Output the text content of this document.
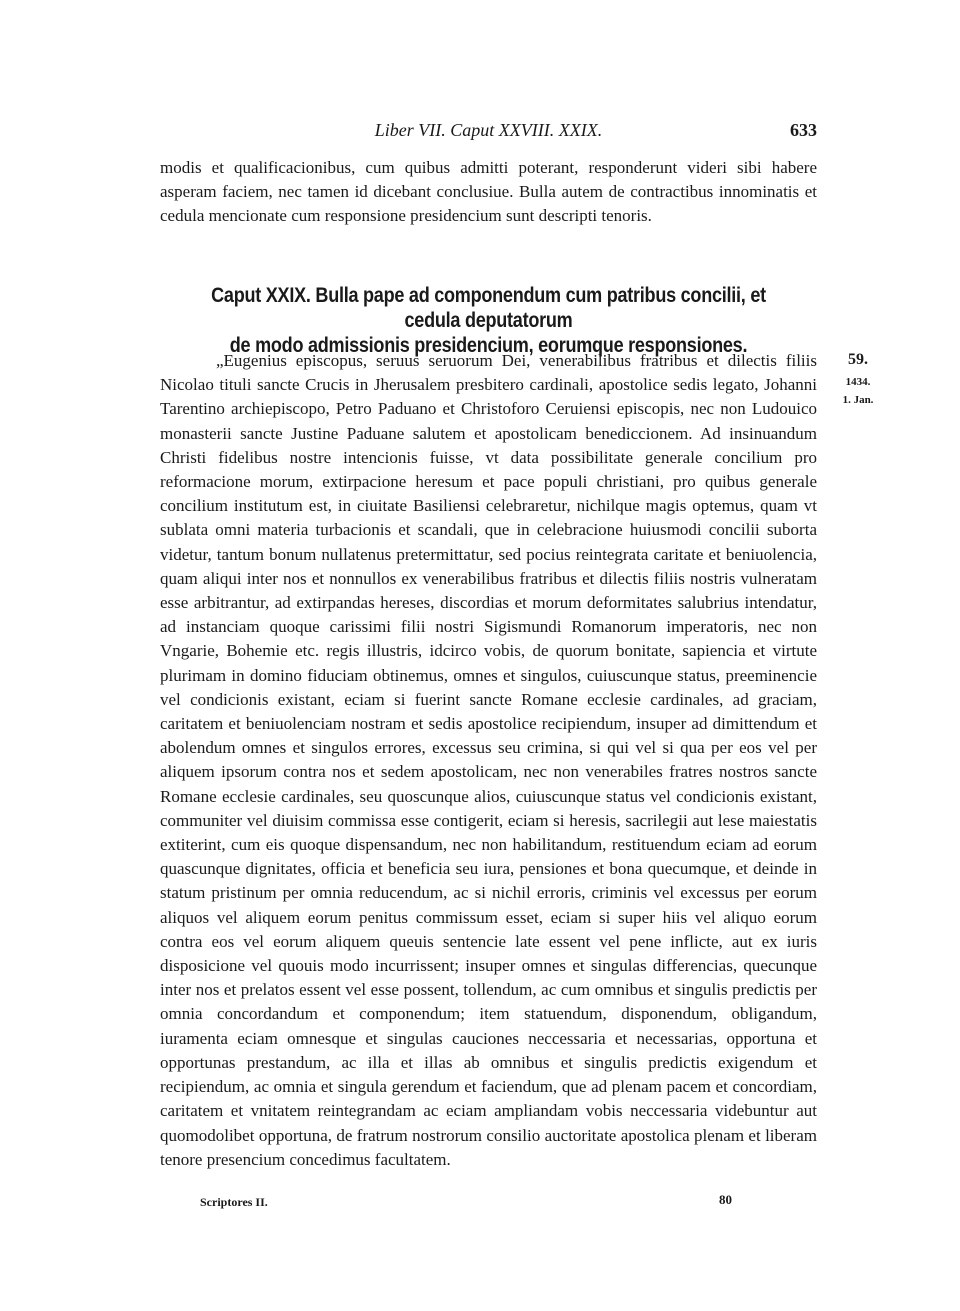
Liber VII. Caput XXVIII. XXIX.	633
modis et qualificacionibus, cum quibus admitti poterant, responderunt videri sibi habere asperam faciem, nec tamen id dicebant conclusiue. Bulla autem de contractibus innominatis et cedula mencionate cum responsione presidencium sunt descripti tenoris.
Caput XXIX. Bulla pape ad componendum cum patribus concilii, et cedula deputatorum
de modo admissionis presidencium, eorumque responsiones.
„Eugenius episcopus, seruus seruorum Dei, venerabilibus fratribus et dilectis filiis Nicolao tituli sancte Crucis in Jherusalem presbitero cardinali, apostolice sedis legato, Johanni Tarentino archiepiscopo, Petro Paduano et Christoforo Ceruiensi episcopis, nec non Ludouico monasterii sancte Justine Paduane salutem et apostolicam benediccionem. Ad insinuandum Christi fidelibus nostre intencionis fuisse, vt data possibilitate generale concilium pro reformacione morum, extirpacione heresum et pace populi christiani, pro quibus generale concilium institutum est, in ciuitate Basiliensi celebraretur, nichilque magis optemus, quam vt sublata omni materia turbacionis et scandali, que in celebracione huiusmodi concilii suborta videtur, tantum bonum nullatenus pretermittatur, sed pocius reintegrata caritate et beniuolencia, quam aliqui inter nos et nonnullos ex venerabilibus fratribus et dilectis filiis nostris vulneratam esse arbitrantur, ad extirpandas hereses, discordias et morum deformitates salubrius intendatur, ad instanciam quoque carissimi filii nostri Sigismundi Romanorum imperatoris, nec non Vngarie, Bohemie etc. regis illustris, idcirco vobis, de quorum bonitate, sapiencia et virtute plurimam in domino fiduciam obtinemus, omnes et singulos, cuiuscunque status, preeminencie vel condicionis existant, eciam si fuerint sancte Romane ecclesie cardinales, ad graciam, caritatem et beniuolenciam nostram et sedis apostolice recipiendum, insuper ad dimittendum et abolendum omnes et singulos errores, excessus seu crimina, si qui vel si qua per eos vel per aliquem ipsorum contra nos et sedem apostolicam, nec non venerabiles fratres nostros sancte Romane ecclesie cardinales, seu quoscunque alios, cuiuscunque status vel condicionis existant, communiter vel diuisim commissa esse contigerit, eciam si heresis, sacrilegii aut lese maiestatis extiterint, cum eis quoque dispensandum, nec non habilitandum, restituendum eciam ad eorum quascunque dignitates, officia et beneficia seu iura, pensiones et bona quecumque, et deinde in statum pristinum per omnia reducendum, ac si nichil erroris, criminis vel excessus per eorum aliquos vel aliquem eorum penitus commissum esset, eciam si super hiis vel aliquo eorum contra eos vel eorum aliquem queuis sentencie late essent vel pene inflicte, aut ex iuris disposicione vel quouis modo incurrissent; insuper omnes et singulas differencias, quecunque inter nos et prelatos essent vel esse possent, tollendum, ac cum omnibus et singulis predictis per omnia concordandum et componendum; item statuendum, disponendum, obligandum, iuramenta eciam omnesque et singulas cauciones neccessaria et necessarias, opportuna et opportunas prestandum, ac illa et illas ab omnibus et singulis predictis exigendum et recipiendum, ac omnia et singula gerendum et faciendum, que ad plenam pacem et concordiam, caritatem et vnitatem reintegrandam ac eciam ampliandam vobis neccessaria videbuntur aut quomodolibet opportuna, de fratrum nostrorum consilio auctoritate apostolica plenam et liberam tenore presencium concedimus facultatem.
59.
1434.
1. Jan.
Scriptores II.	80
